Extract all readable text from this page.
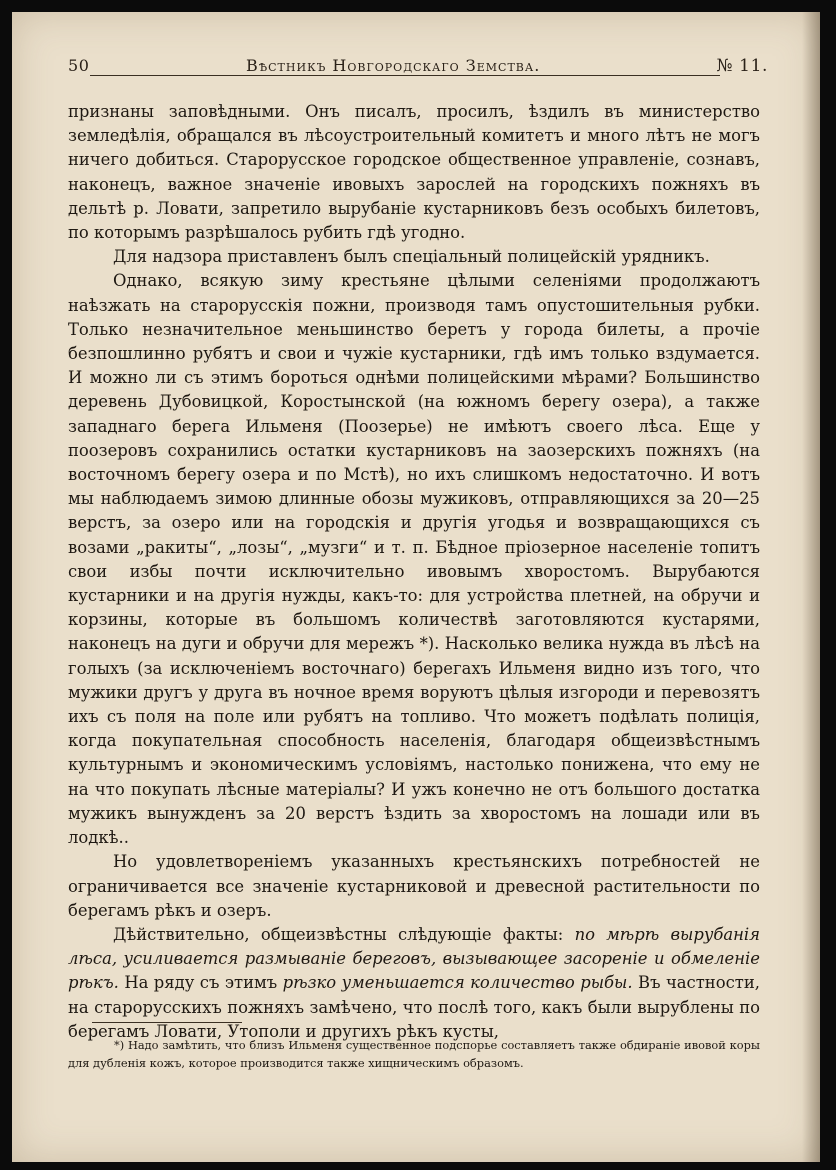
50	Вѣстникъ Новгородскаго Земства.	№ 11.

признаны заповѣдными. Онъ писалъ, просилъ, ѣздилъ въ министерство земледѣлія, обращался въ лѣсоустроительный комитетъ и много лѣтъ не могъ ничего добиться. Старорусское городское общественное управленіе, сознавъ, наконецъ, важное значеніе ивовыхъ зарослей на городскихъ пожняхъ въ дельтѣ р. Ловати, запретило вырубаніе кустарниковъ безъ особыхъ билетовъ, по которымъ разрѣшалось рубить гдѣ угодно.

Для надзора приставленъ былъ спеціальный полицейскій урядникъ.

Однако, всякую зиму крестьяне цѣлыми селеніями продолжаютъ наѣзжать на старорусскія пожни, производя тамъ опустошительныя рубки. Только незначительное меньшинство беретъ у города билеты, а прочіе безпошлинно рубятъ и свои и чужіе кустарники, гдѣ имъ только вздумается. И можно ли съ этимъ бороться однѣми полицейскими мѣрами? Большинство деревень Дубовицкой, Коростынской (на южномъ берегу озера), а также западнаго берега Ильменя (Поозерье) не имѣютъ своего лѣса. Еще у поозеровъ сохранились остатки кустарниковъ на заозерскихъ пожняхъ (на восточномъ берегу озера и по Мстѣ), но ихъ слишкомъ недостаточно. И вотъ мы наблюдаемъ зимою длинные обозы мужиковъ, отправляющихся за 20—25 верстъ, за озеро или на городскія и другія угодья и возвращающихся съ возами „ракиты“, „лозы“, „музги“ и т. п. Бѣдное пріозерное населеніе топитъ свои избы почти исключительно ивовымъ хворостомъ. Вырубаются кустарники и на другія нужды, какъ-то: для устройства плетней, на обручи и корзины, которые въ большомъ количествѣ заготовляются кустарями, наконецъ на дуги и обручи для мережъ *). Насколько велика нужда въ лѣсѣ на голыхъ (за исключеніемъ восточнаго) берегахъ Ильменя видно изъ того, что мужики другъ у друга въ ночное время воруютъ цѣлыя изгороди и перевозятъ ихъ съ поля на поле или рубятъ на топливо. Что можетъ подѣлать полиція, когда покупательная способность населенія, благодаря общеизвѣстнымъ культурнымъ и экономическимъ условіямъ, настолько понижена, что ему не на что покупать лѣсные матеріалы? И ужъ конечно не отъ большого достатка мужикъ вынужденъ за 20 верстъ ѣздить за хворостомъ на лошади или въ лодкѣ..

Но удовлетвореніемъ указанныхъ крестьянскихъ потребностей не ограничивается все значеніе кустарниковой и древесной растительности по берегамъ рѣкъ и озеръ.

Дѣйствительно, общеизвѣстны слѣдующіе факты: по мѣрѣ вырубанія лѣса, усиливается размываніе береговъ, вызывающее засореніе и обмеленіе рѣкъ. На ряду съ этимъ рѣзко уменьшается количество рыбы. Въ частности, на старорусскихъ пожняхъ замѣчено, что послѣ того, какъ были вырублены по берегамъ Ловати, Утополи и другихъ рѣкъ кусты,

*) Надо замѣтить, что близъ Ильменя существенное подспорье составляетъ также обдираніе ивовой коры для дубленія кожъ, которое производится также хищническимъ образомъ.
